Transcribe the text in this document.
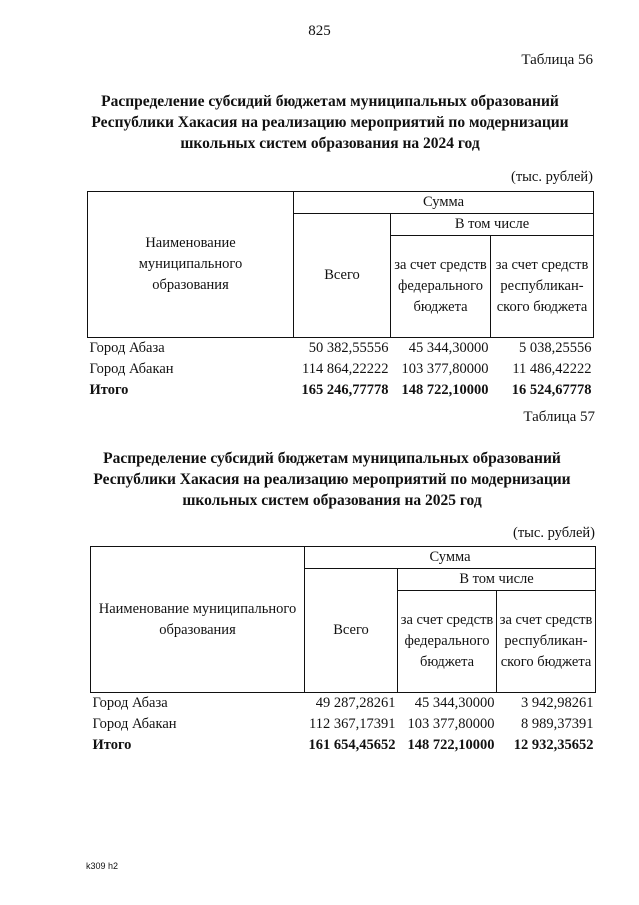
825
Таблица 56
Распределение субсидий бюджетам муниципальных образований
Республики Хакасия на реализацию мероприятий по модернизации
школьных систем образования на 2024 год
(тыс. рублей)
Наименование муниципального образования	Сумма		
	Всего	В том числе	
		за счет средств федерального бюджета	за счет средств республикан-ского бюджета
Город Абаза	50 382,55556	45 344,30000	5 038,25556
Город Абакан	114 864,22222	103 377,80000	11 486,42222
Итого	165 246,77778	148 722,10000	16 524,67778
Таблица 57
Распределение субсидий бюджетам муниципальных образований
Республики Хакасия на реализацию мероприятий по модернизации
школьных систем образования на 2025 год
(тыс. рублей)
Наименование муниципального образования	Сумма		
	Всего	В том числе	
		за счет средств федерального бюджета	за счет средств республикан-ского бюджета
Город Абаза	49 287,28261	45 344,30000	3 942,98261
Город Абакан	112 367,17391	103 377,80000	8 989,37391
Итого	161 654,45652	148 722,10000	12 932,35652
k309 h2
